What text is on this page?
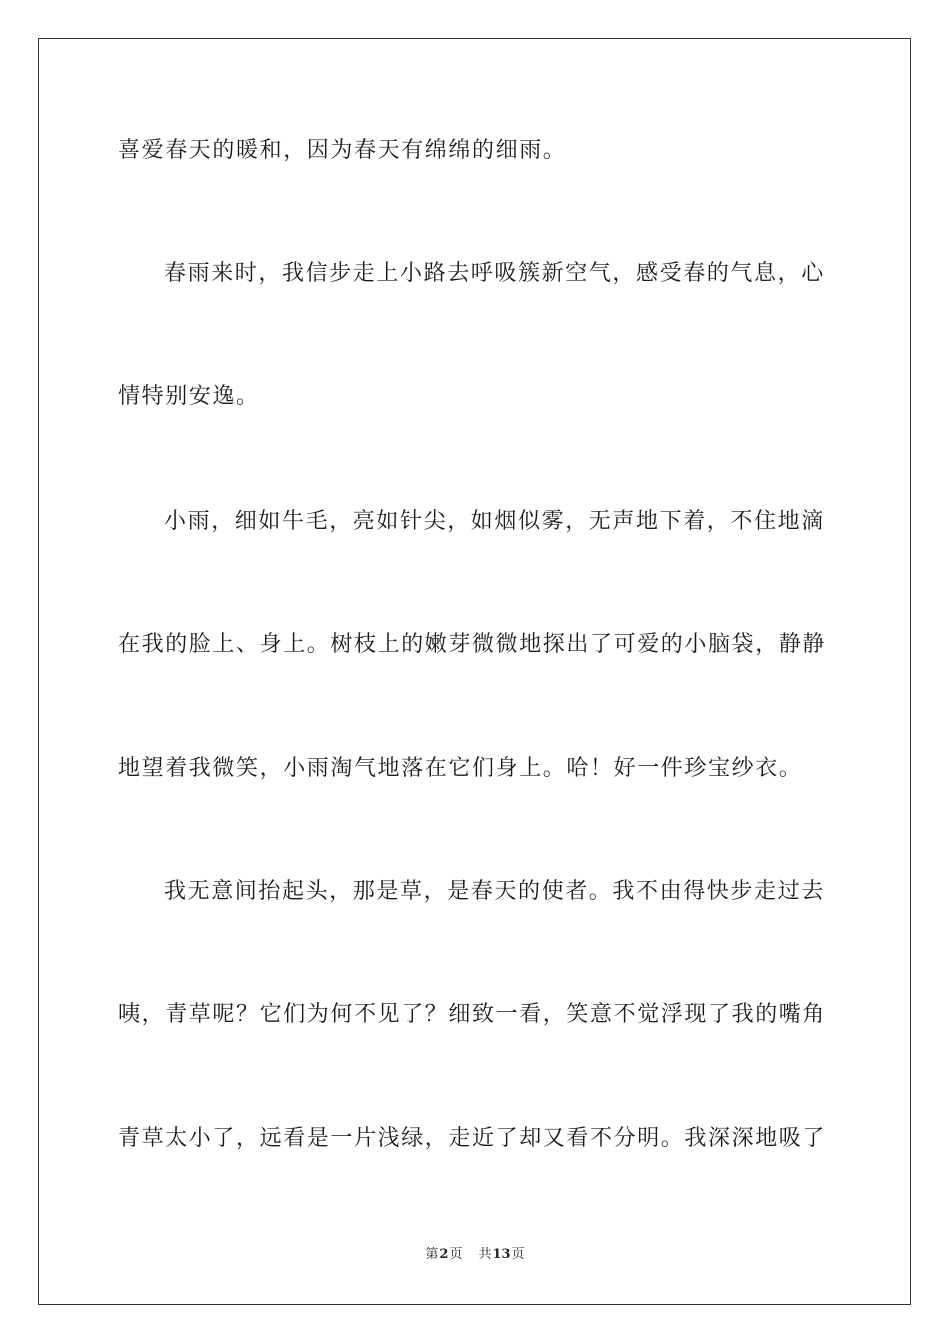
喜爱春天的暖和，因为春天有绵绵的细雨。
春雨来时，我信步走上小路去呼吸簇新空气，感受春的气息，心
情特别安逸。
小雨，细如牛毛，亮如针尖，如烟似雾，无声地下着，不住地滴
在我的脸上、身上。树枝上的嫩芽微微地探出了可爱的小脑袋，静静
地望着我微笑，小雨淘气地落在它们身上。哈！好一件珍宝纱衣。
我无意间抬起头，那是草，是春天的使者。我不由得快步走过去
咦，青草呢？它们为何不见了？细致一看，笑意不觉浮现了我的嘴角
青草太小了，远看是一片浅绿，走近了却又看不分明。我深深地吸了
第2页 共13页
